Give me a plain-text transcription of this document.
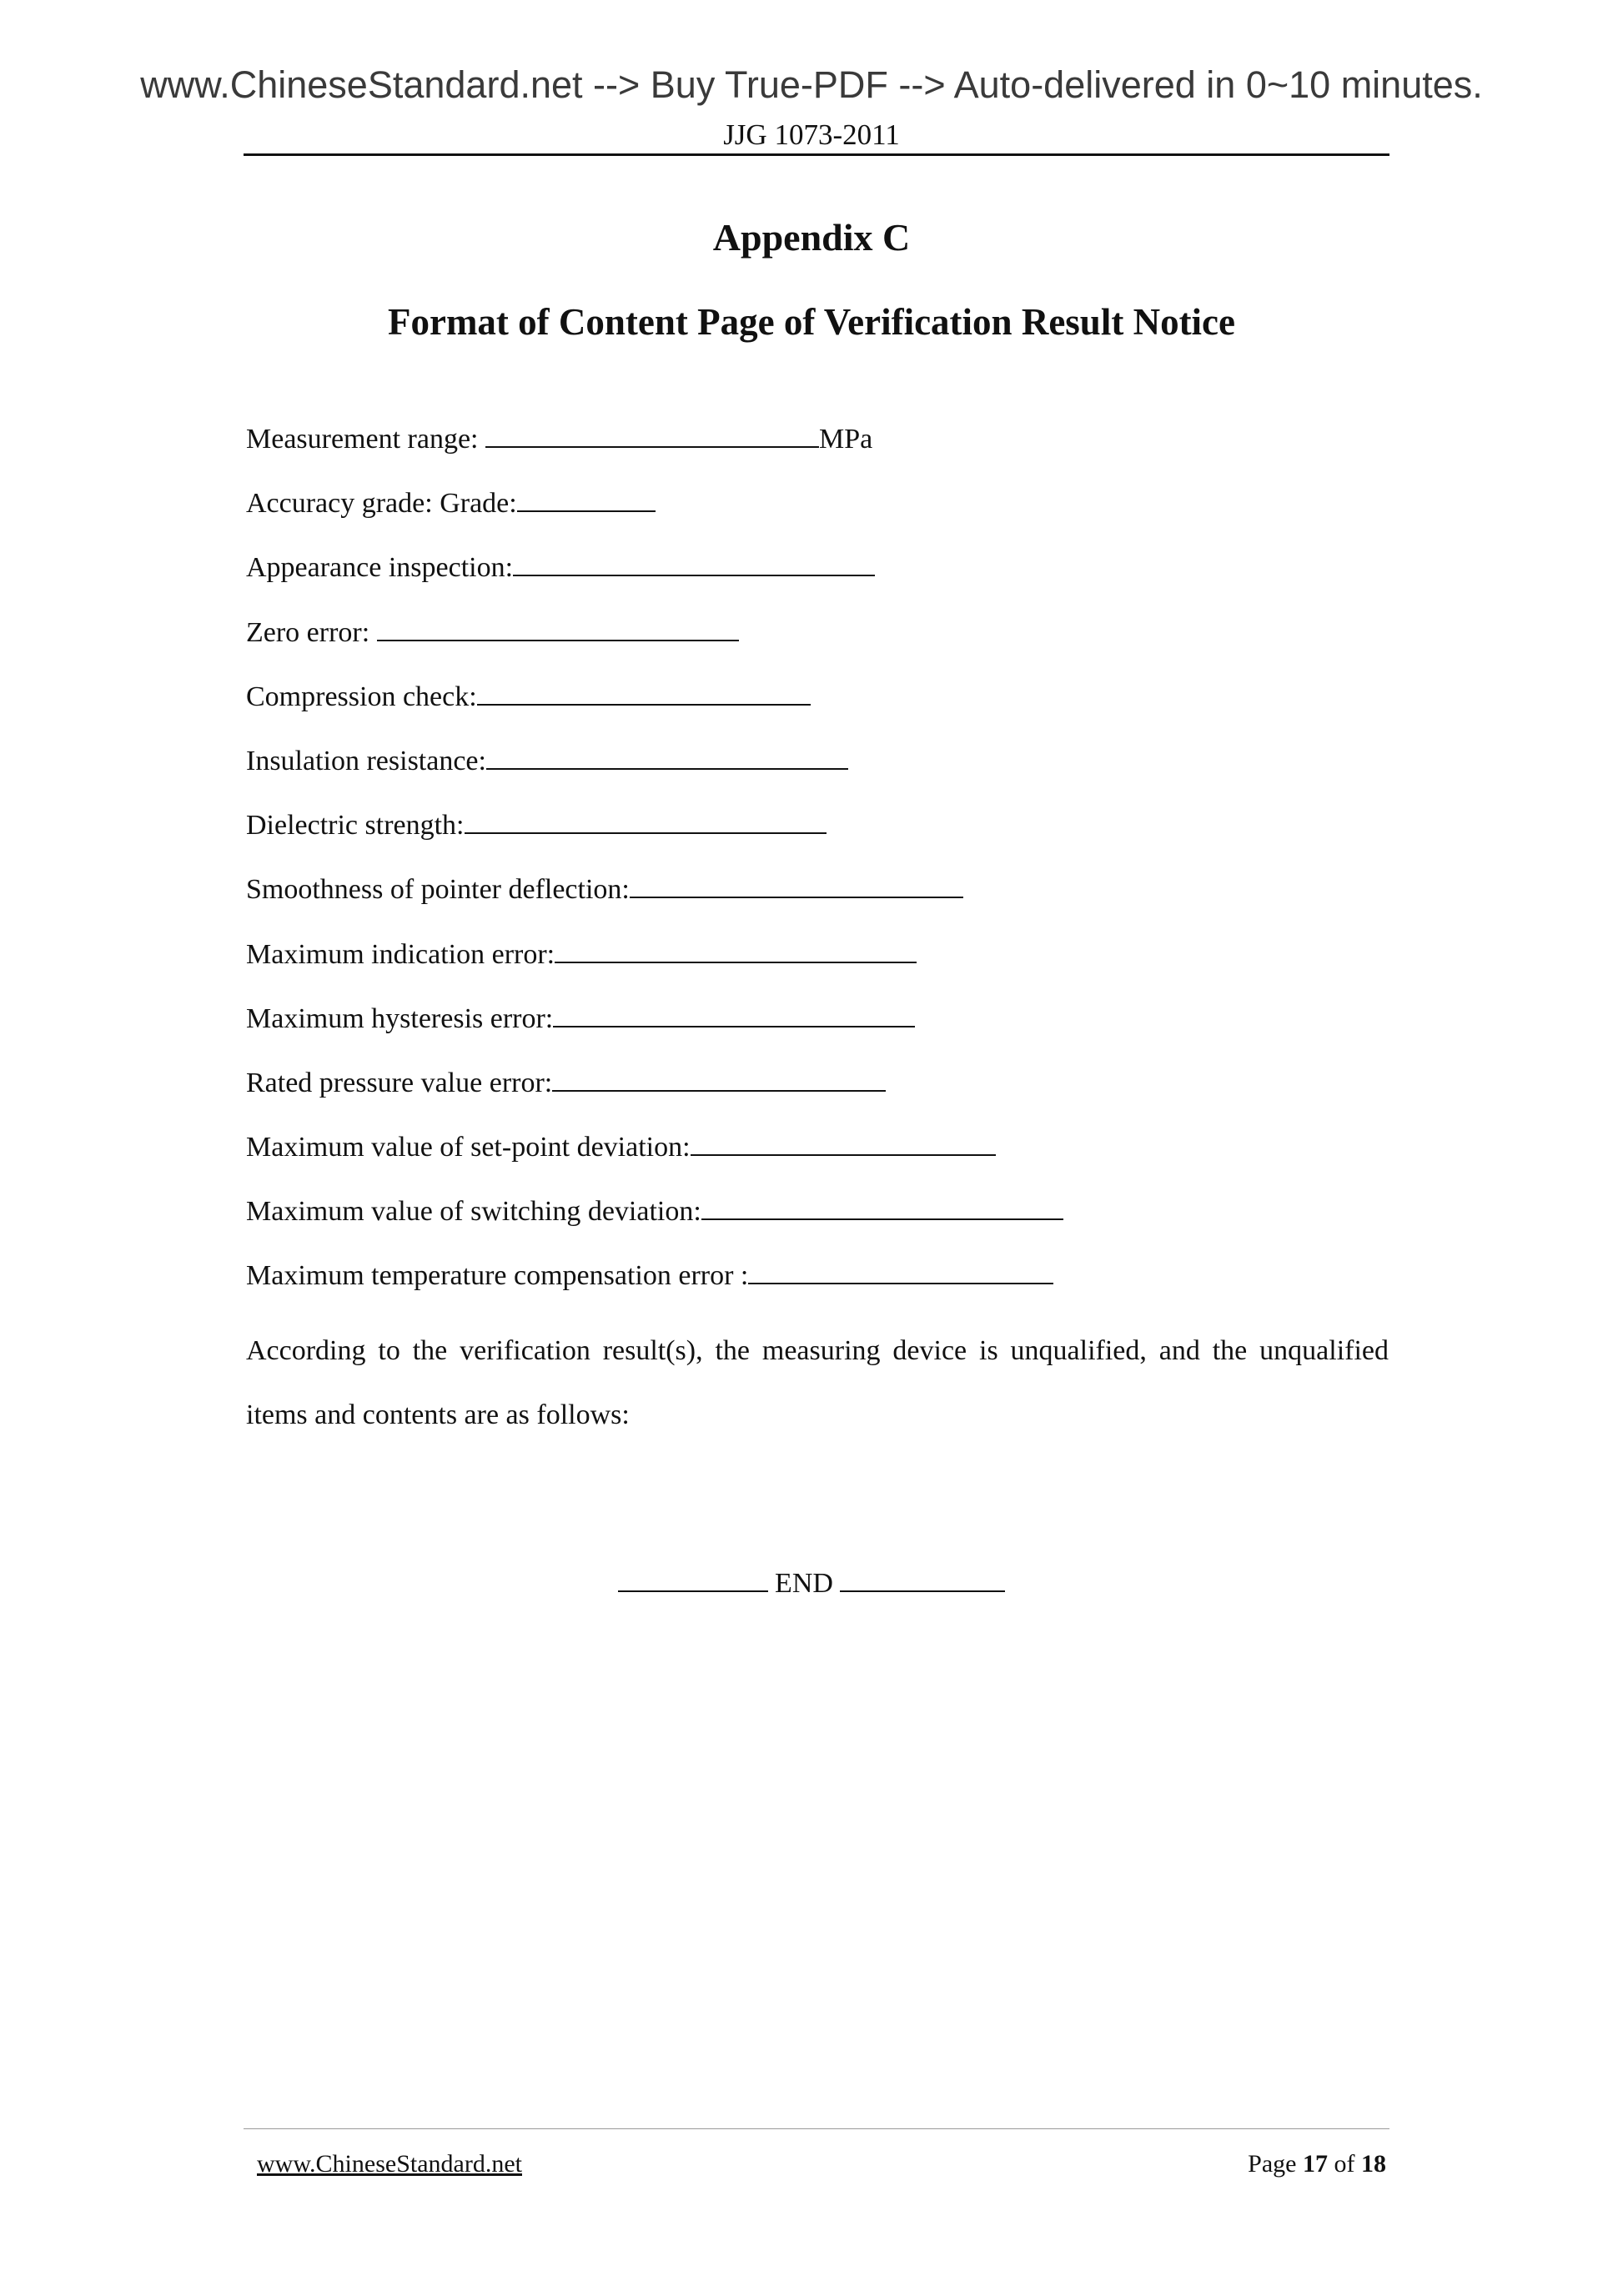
www.ChineseStandard.net --> Buy True-PDF --> Auto-delivered in 0~10 minutes.
JJG 1073-2011
Appendix C
Format of Content Page of Verification Result Notice
Measurement range:	MPa
Accuracy grade: Grade:
Appearance inspection:
Zero error:
Compression check:
Insulation resistance:
Dielectric strength:
Smoothness of pointer deflection:
Maximum indication error:
Maximum hysteresis error:
Rated pressure value error:
Maximum value of set-point deviation:
Maximum value of switching deviation:
Maximum temperature compensation error :
According to the verification result(s), the measuring device is unqualified, and the unqualified items and contents are as follows:
END
www.ChineseStandard.net	Page 17 of 18
